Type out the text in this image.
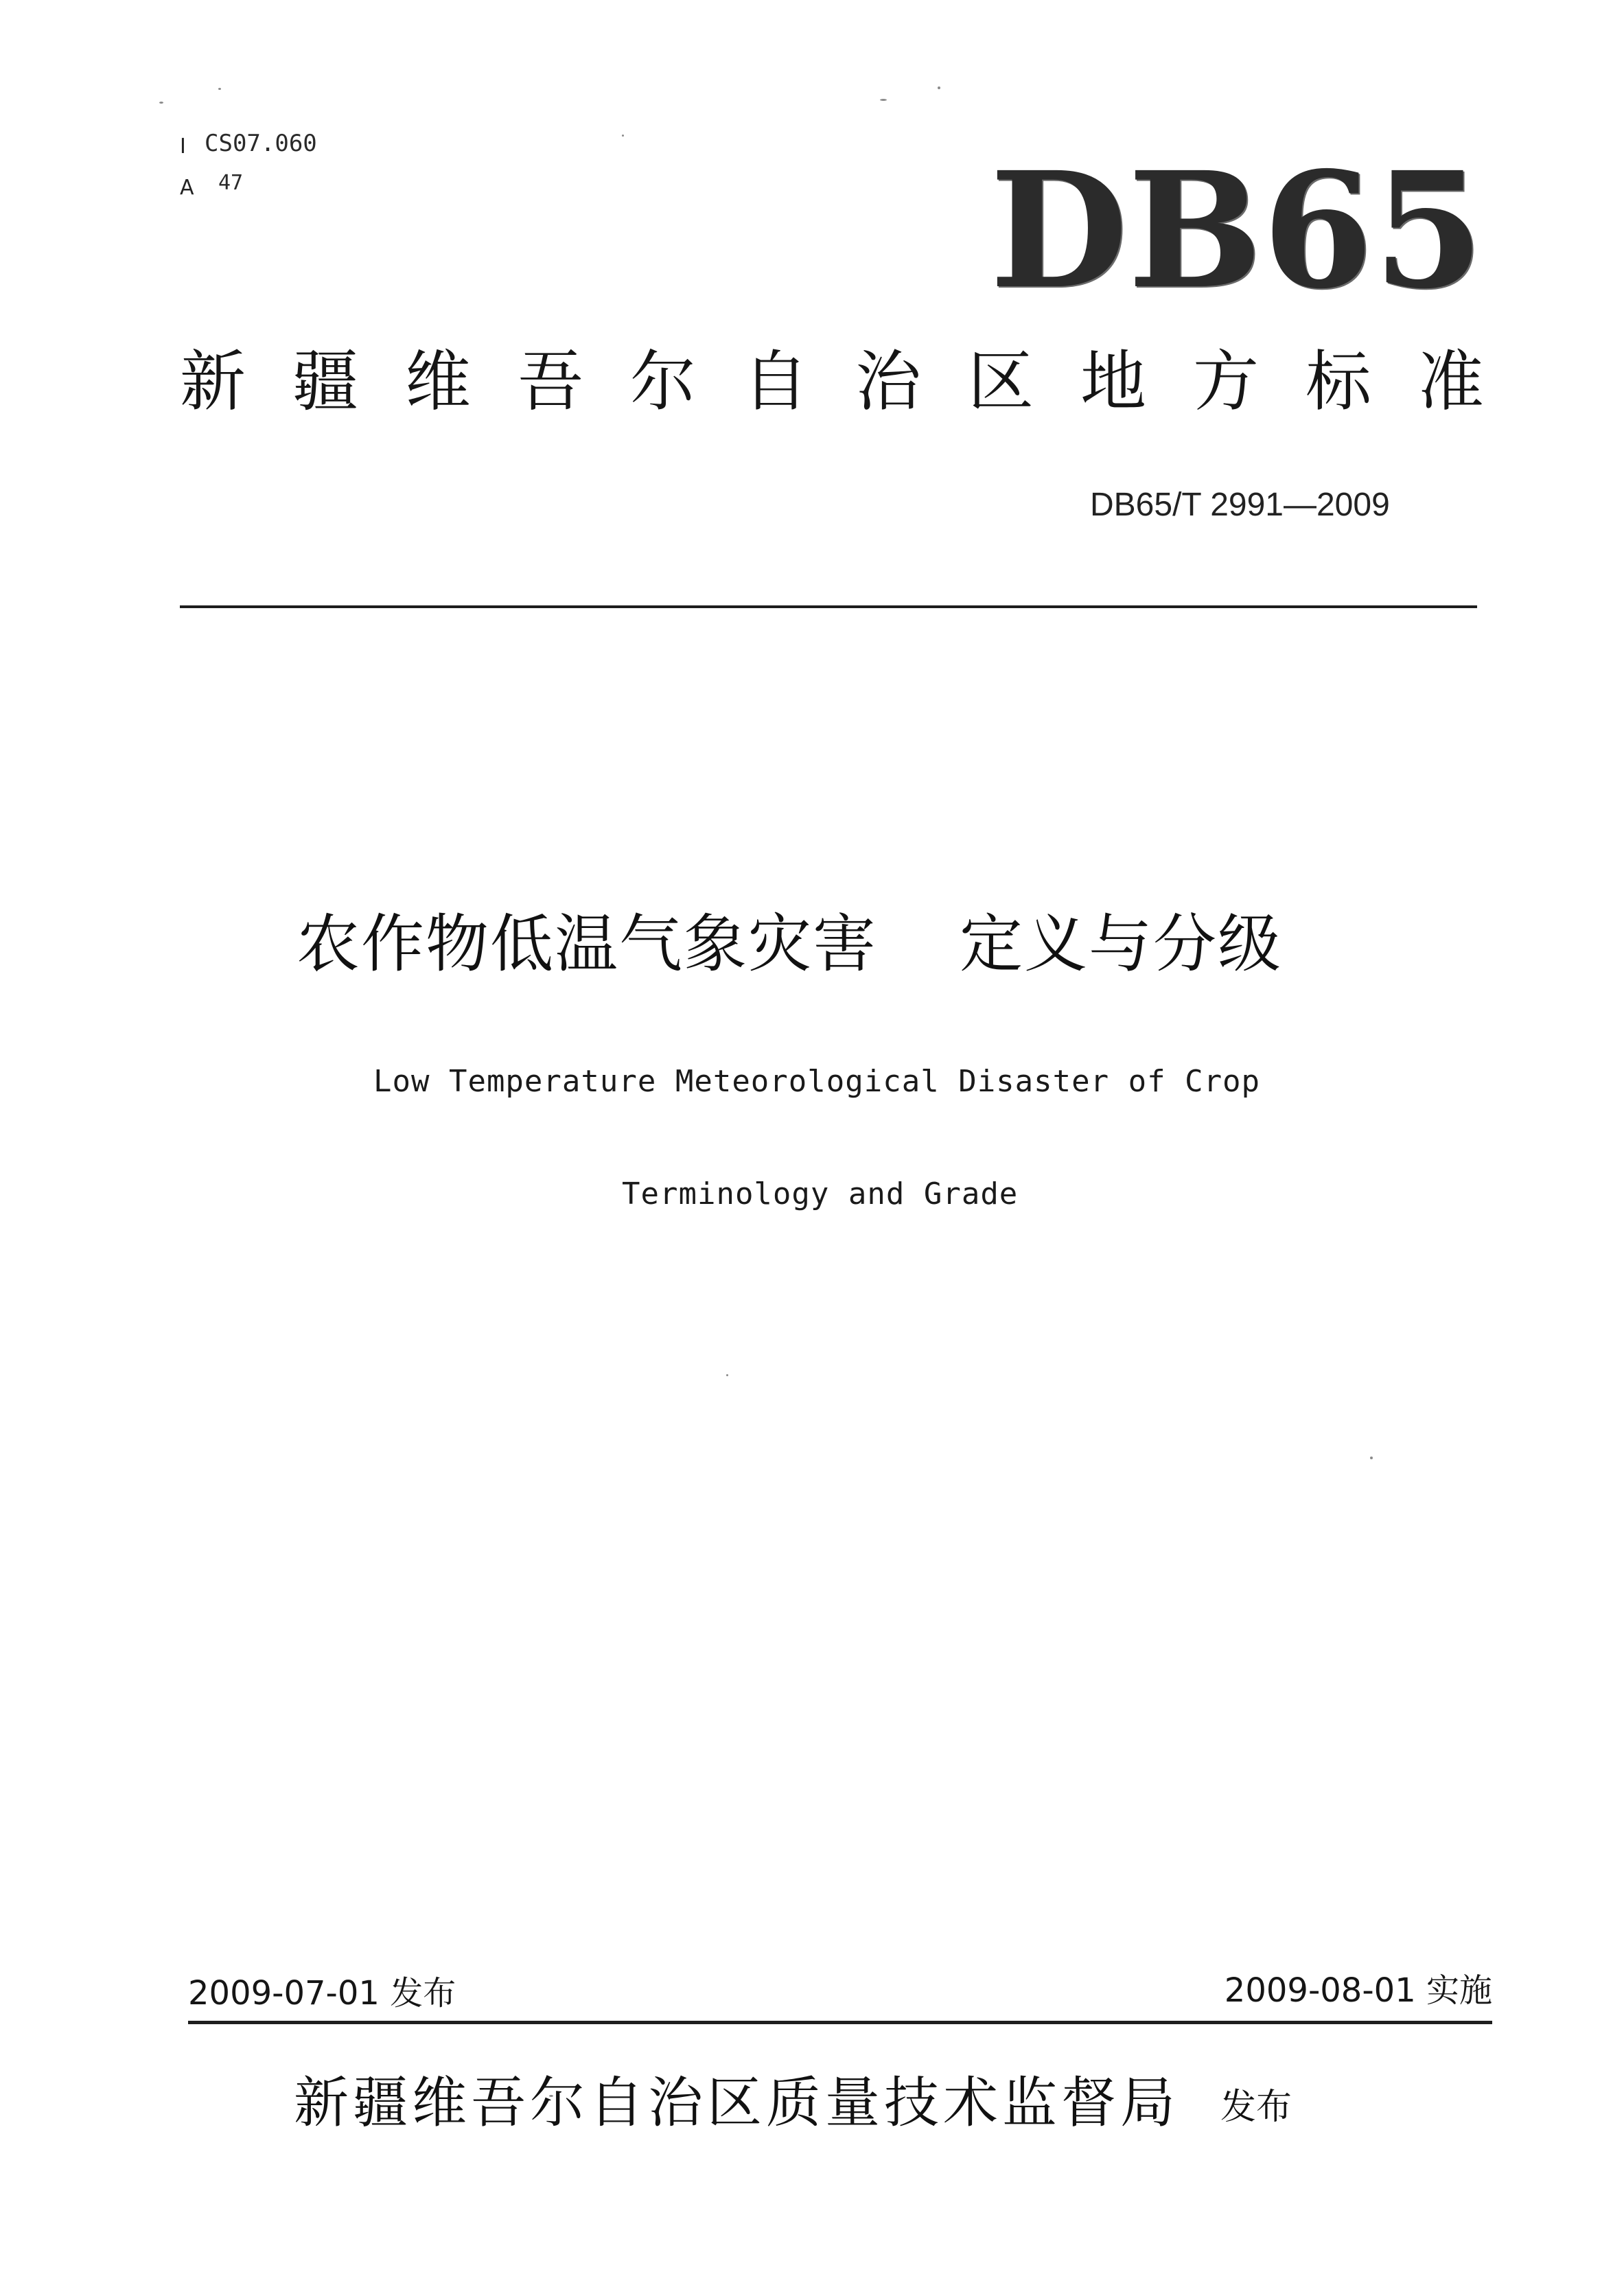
I CS07.060
A 47	DB65
新疆维吾尔自治区地方标准
DB65/T 2991—2009
农作物低温气象灾害 定义与分级
Low Temperature Meteorological Disaster of Crop
Terminology and Grade
2009-07-01 发布	2009-08-01 实施
新疆维吾尔自治区质量技术监督局 发布
